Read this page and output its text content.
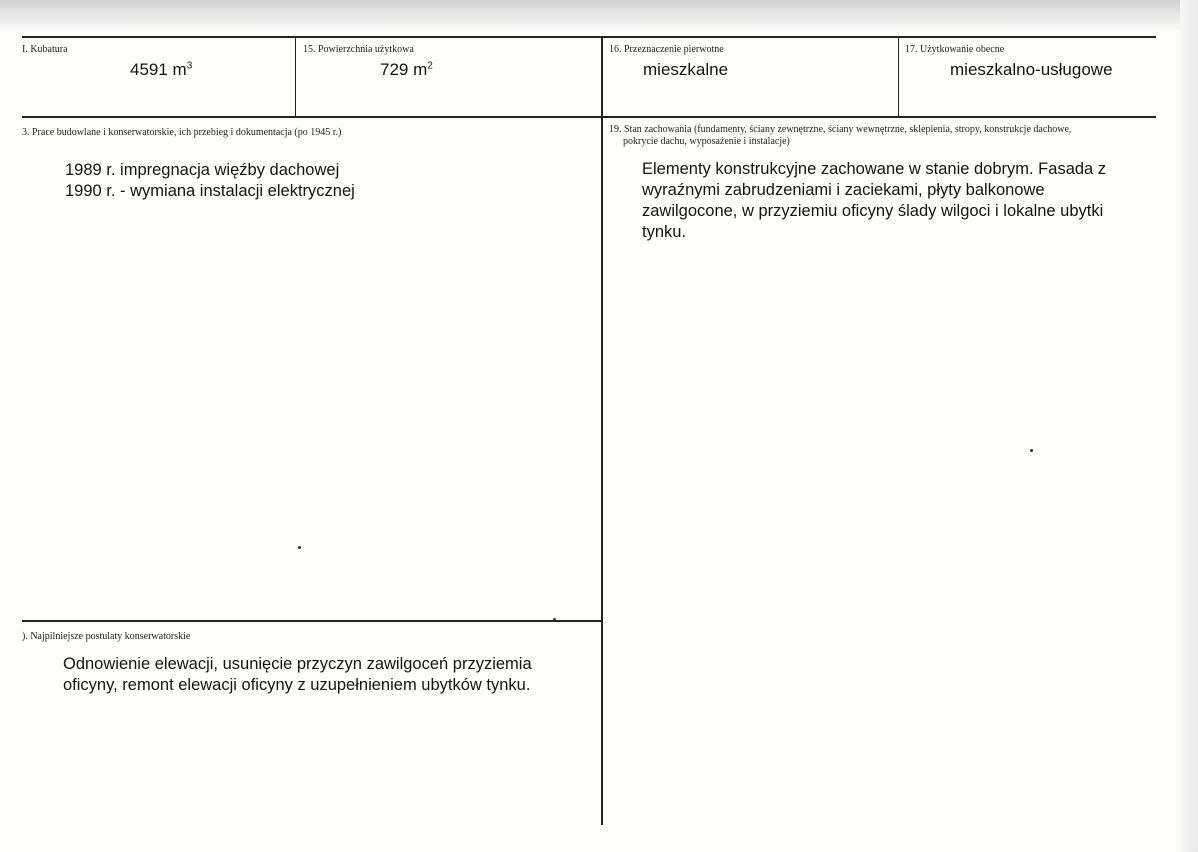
I. Kubatura
4591 $m^3$
15. Powierzchnia użytkowa
729 $m^2$
16. Przeznaczenie pierwotne
mieszkalne
17. Użytkowanie obecne
mieszkalno-usługowe
3. Prace budowlane i konserwatorskie, ich przebieg i dokumentacja (po 1945 r.)
1989 r. impregnacja więźby dachowej
1990 r. - wymiana instalacji elektrycznej
19. Stan zachowania (fundamenty, ściany zewnętrzne, ściany wewnętrzne, sklepienia, stropy, konstrukcje dachowe,
pokrycie dachu, wyposażenie i instalacje)
Elementy konstrukcyjne zachowane w stanie dobrym. Fasada z
wyraźnymi zabrudzeniami i zaciekami, płyty balkonowe
zawilgocone, w przyziemiu oficyny ślady wilgoci i lokalne ubytki
tynku.
). Najpilniejsze postulaty konserwatorskie
Odnowienie elewacji, usunięcie przyczyn zawilgoceń przyziemia
oficyny, remont elewacji oficyny z uzupełnieniem ubytków tynku.
